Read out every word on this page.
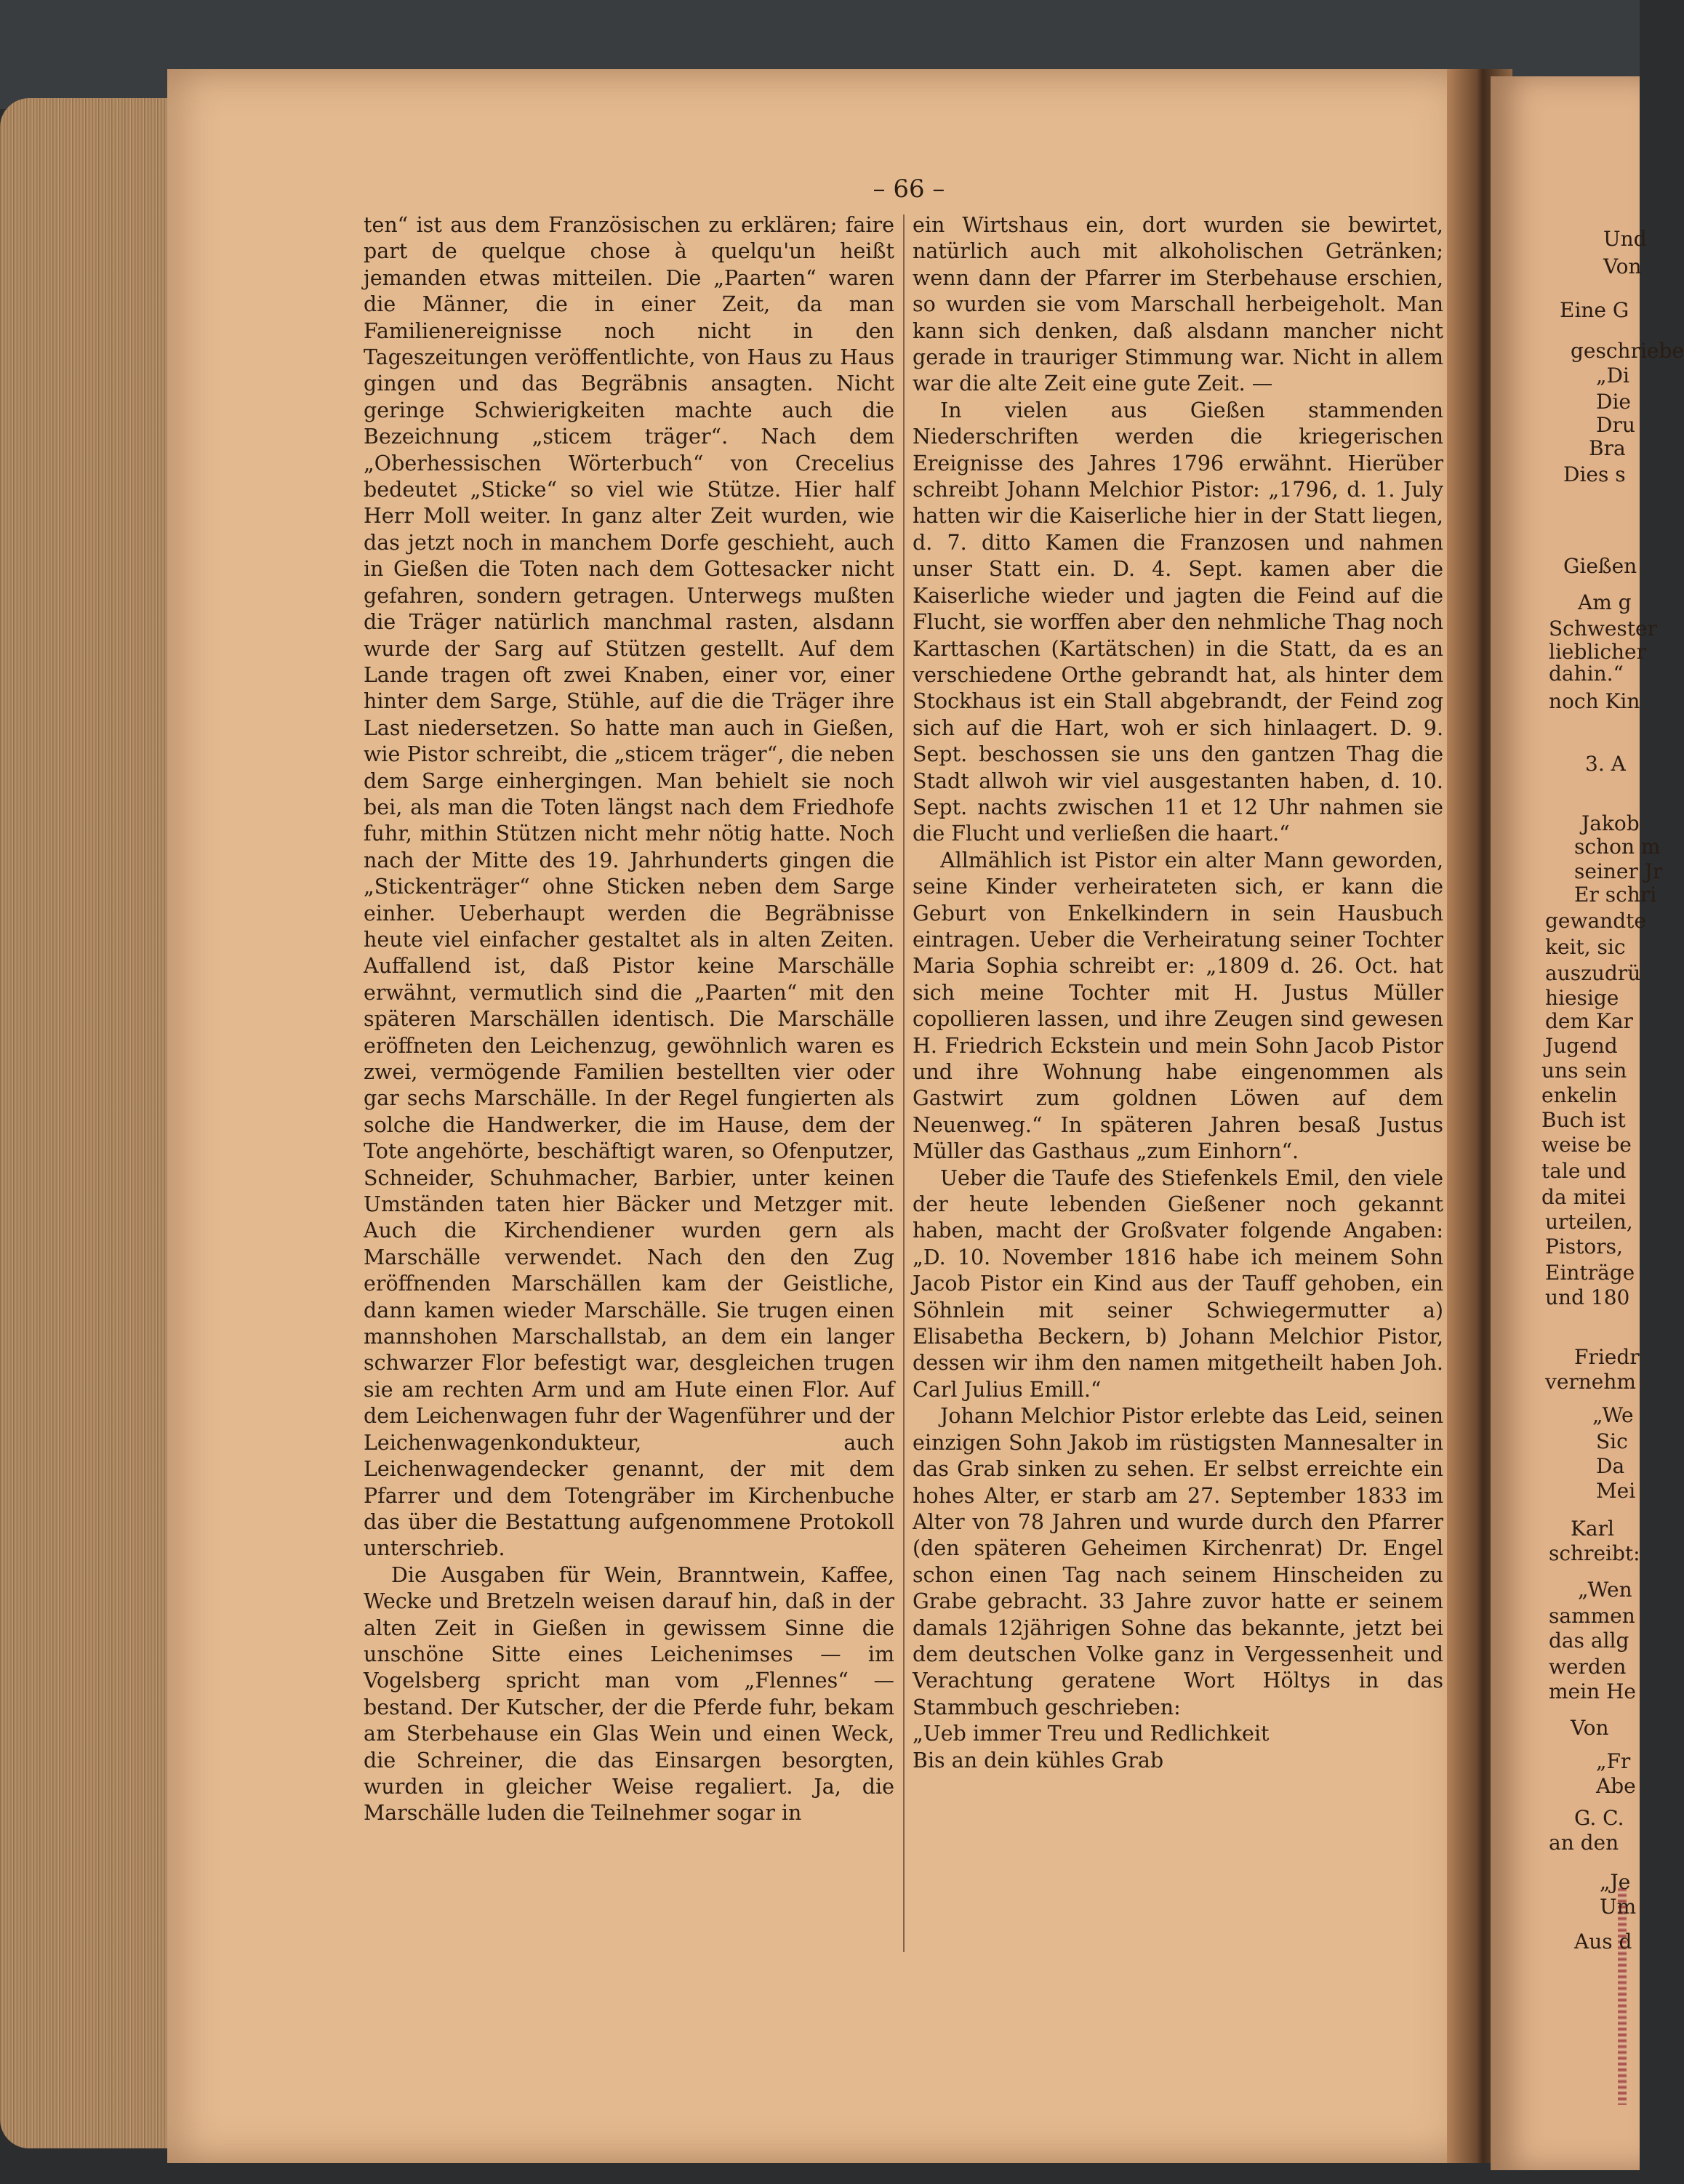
– 66 –

ten“ ist aus dem Französischen zu erklären; faire part de quelque chose à quelqu'un heißt jemanden etwas mitteilen. Die „Paarten“ waren die Männer, die in einer Zeit, da man Familienereignisse noch nicht in den Tageszeitungen veröffentlichte, von Haus zu Haus gingen und das Begräbnis ansagten. Nicht geringe Schwierigkeiten machte auch die Bezeichnung „sticem träger“. Nach dem „Oberhessischen Wörterbuch“ von Crecelius bedeutet „Sticke“ so viel wie Stütze. Hier half Herr Moll weiter. In ganz alter Zeit wurden, wie das jetzt noch in manchem Dorfe geschieht, auch in Gießen die Toten nach dem Gottesacker nicht gefahren, sondern getragen. Unterwegs mußten die Träger natürlich manchmal rasten, alsdann wurde der Sarg auf Stützen gestellt. Auf dem Lande tragen oft zwei Knaben, einer vor, einer hinter dem Sarge, Stühle, auf die die Träger ihre Last niedersetzen. So hatte man auch in Gießen, wie Pistor schreibt, die „sticem träger“, die neben dem Sarge einhergingen. Man behielt sie noch bei, als man die Toten längst nach dem Friedhofe fuhr, mithin Stützen nicht mehr nötig hatte. Noch nach der Mitte des 19. Jahrhunderts gingen die „Stickenträger“ ohne Sticken neben dem Sarge einher. Ueberhaupt werden die Begräbnisse heute viel einfacher gestaltet als in alten Zeiten. Auffallend ist, daß Pistor keine Marschälle erwähnt, vermutlich sind die „Paarten“ mit den späteren Marschällen identisch. Die Marschälle eröffneten den Leichenzug, gewöhnlich waren es zwei, vermögende Familien bestellten vier oder gar sechs Marschälle. In der Regel fungierten als solche die Handwerker, die im Hause, dem der Tote angehörte, beschäftigt waren, so Ofenputzer, Schneider, Schuhmacher, Barbier, unter keinen Umständen taten hier Bäcker und Metzger mit. Auch die Kirchendiener wurden gern als Marschälle verwendet. Nach den den Zug eröffnenden Marschällen kam der Geistliche, dann kamen wieder Marschälle. Sie trugen einen mannshohen Marschallstab, an dem ein langer schwarzer Flor befestigt war, desgleichen trugen sie am rechten Arm und am Hute einen Flor. Auf dem Leichenwagen fuhr der Wagenführer und der Leichenwagenkondukteur, auch Leichenwagendecker genannt, der mit dem Pfarrer und dem Totengräber im Kirchenbuche das über die Bestattung aufgenommene Protokoll unterschrieb.

Die Ausgaben für Wein, Branntwein, Kaffee, Wecke und Bretzeln weisen darauf hin, daß in der alten Zeit in Gießen in gewissem Sinne die unschöne Sitte eines Leichenimses — im Vogelsberg spricht man vom „Flennes“ — bestand. Der Kutscher, der die Pferde fuhr, bekam am Sterbehause ein Glas Wein und einen Weck, die Schreiner, die das Einsargen besorgten, wurden in gleicher Weise regaliert. Ja, die Marschälle luden die Teilnehmer sogar in

ein Wirtshaus ein, dort wurden sie bewirtet, natürlich auch mit alkoholischen Getränken; wenn dann der Pfarrer im Sterbehause erschien, so wurden sie vom Marschall herbeigeholt. Man kann sich denken, daß alsdann mancher nicht gerade in trauriger Stimmung war. Nicht in allem war die alte Zeit eine gute Zeit. —

In vielen aus Gießen stammenden Niederschriften werden die kriegerischen Ereignisse des Jahres 1796 erwähnt. Hierüber schreibt Johann Melchior Pistor: „1796, d. 1. July hatten wir die Kaiserliche hier in der Statt liegen, d. 7. ditto Kamen die Franzosen und nahmen unser Statt ein. D. 4. Sept. kamen aber die Kaiserliche wieder und jagten die Feind auf die Flucht, sie worffen aber den nehmliche Thag noch Karttaschen (Kartätschen) in die Statt, da es an verschiedene Orthe gebrandt hat, als hinter dem Stockhaus ist ein Stall abgebrandt, der Feind zog sich auf die Hart, woh er sich hinlaagert. D. 9. Sept. beschossen sie uns den gantzen Thag die Stadt allwoh wir viel ausgestanten haben, d. 10. Sept. nachts zwischen 11 et 12 Uhr nahmen sie die Flucht und verließen die haart.“

Allmählich ist Pistor ein alter Mann geworden, seine Kinder verheirateten sich, er kann die Geburt von Enkelkindern in sein Hausbuch eintragen. Ueber die Verheiratung seiner Tochter Maria Sophia schreibt er: „1809 d. 26. Oct. hat sich meine Tochter mit H. Justus Müller copollieren lassen, und ihre Zeugen sind gewesen H. Friedrich Eckstein und mein Sohn Jacob Pistor und ihre Wohnung habe eingenommen als Gastwirt zum goldnen Löwen auf dem Neuenweg.“ In späteren Jahren besaß Justus Müller das Gasthaus „zum Einhorn“.

Ueber die Taufe des Stiefenkels Emil, den viele der heute lebenden Gießener noch gekannt haben, macht der Großvater folgende Angaben: „D. 10. November 1816 habe ich meinem Sohn Jacob Pistor ein Kind aus der Tauff gehoben, ein Söhnlein mit seiner Schwiegermutter a) Elisabetha Beckern, b) Johann Melchior Pistor, dessen wir ihm den namen mitgetheilt haben Joh. Carl Julius Emill.“

Johann Melchior Pistor erlebte das Leid, seinen einzigen Sohn Jakob im rüstigsten Mannesalter in das Grab sinken zu sehen. Er selbst erreichte ein hohes Alter, er starb am 27. September 1833 im Alter von 78 Jahren und wurde durch den Pfarrer (den späteren Geheimen Kirchenrat) Dr. Engel schon einen Tag nach seinem Hinscheiden zu Grabe gebracht. 33 Jahre zuvor hatte er seinem damals 12jährigen Sohne das bekannte, jetzt bei dem deutschen Volke ganz in Vergessenheit und Verachtung geratene Wort Höltys in das Stammbuch geschrieben:

„Ueb immer Treu und Redlichkeit

Bis an dein kühles Grab

Und
Von
Eine G
geschriebe
„Di
Die
Dru
Bra
Dies s
Gießen
Am g
Schwester
lieblicher
dahin.“
noch Kin
3. A
Jakob
schon m
seiner Jr
Er schri
gewandte
keit, sic
auszudrü
hiesige
dem Kar
Jugend
uns sein
enkelin
Buch ist
weise be
tale und
da mitei
urteilen,
Pistors,
Einträge
und 180
Friedr
vernehm
„We
Sic
Da
Mei
Karl
schreibt:
„Wen
sammen
das allg
werden
mein He
Von
„Fr
Abe
G. C.
an den
„Je
Um
Aus d
